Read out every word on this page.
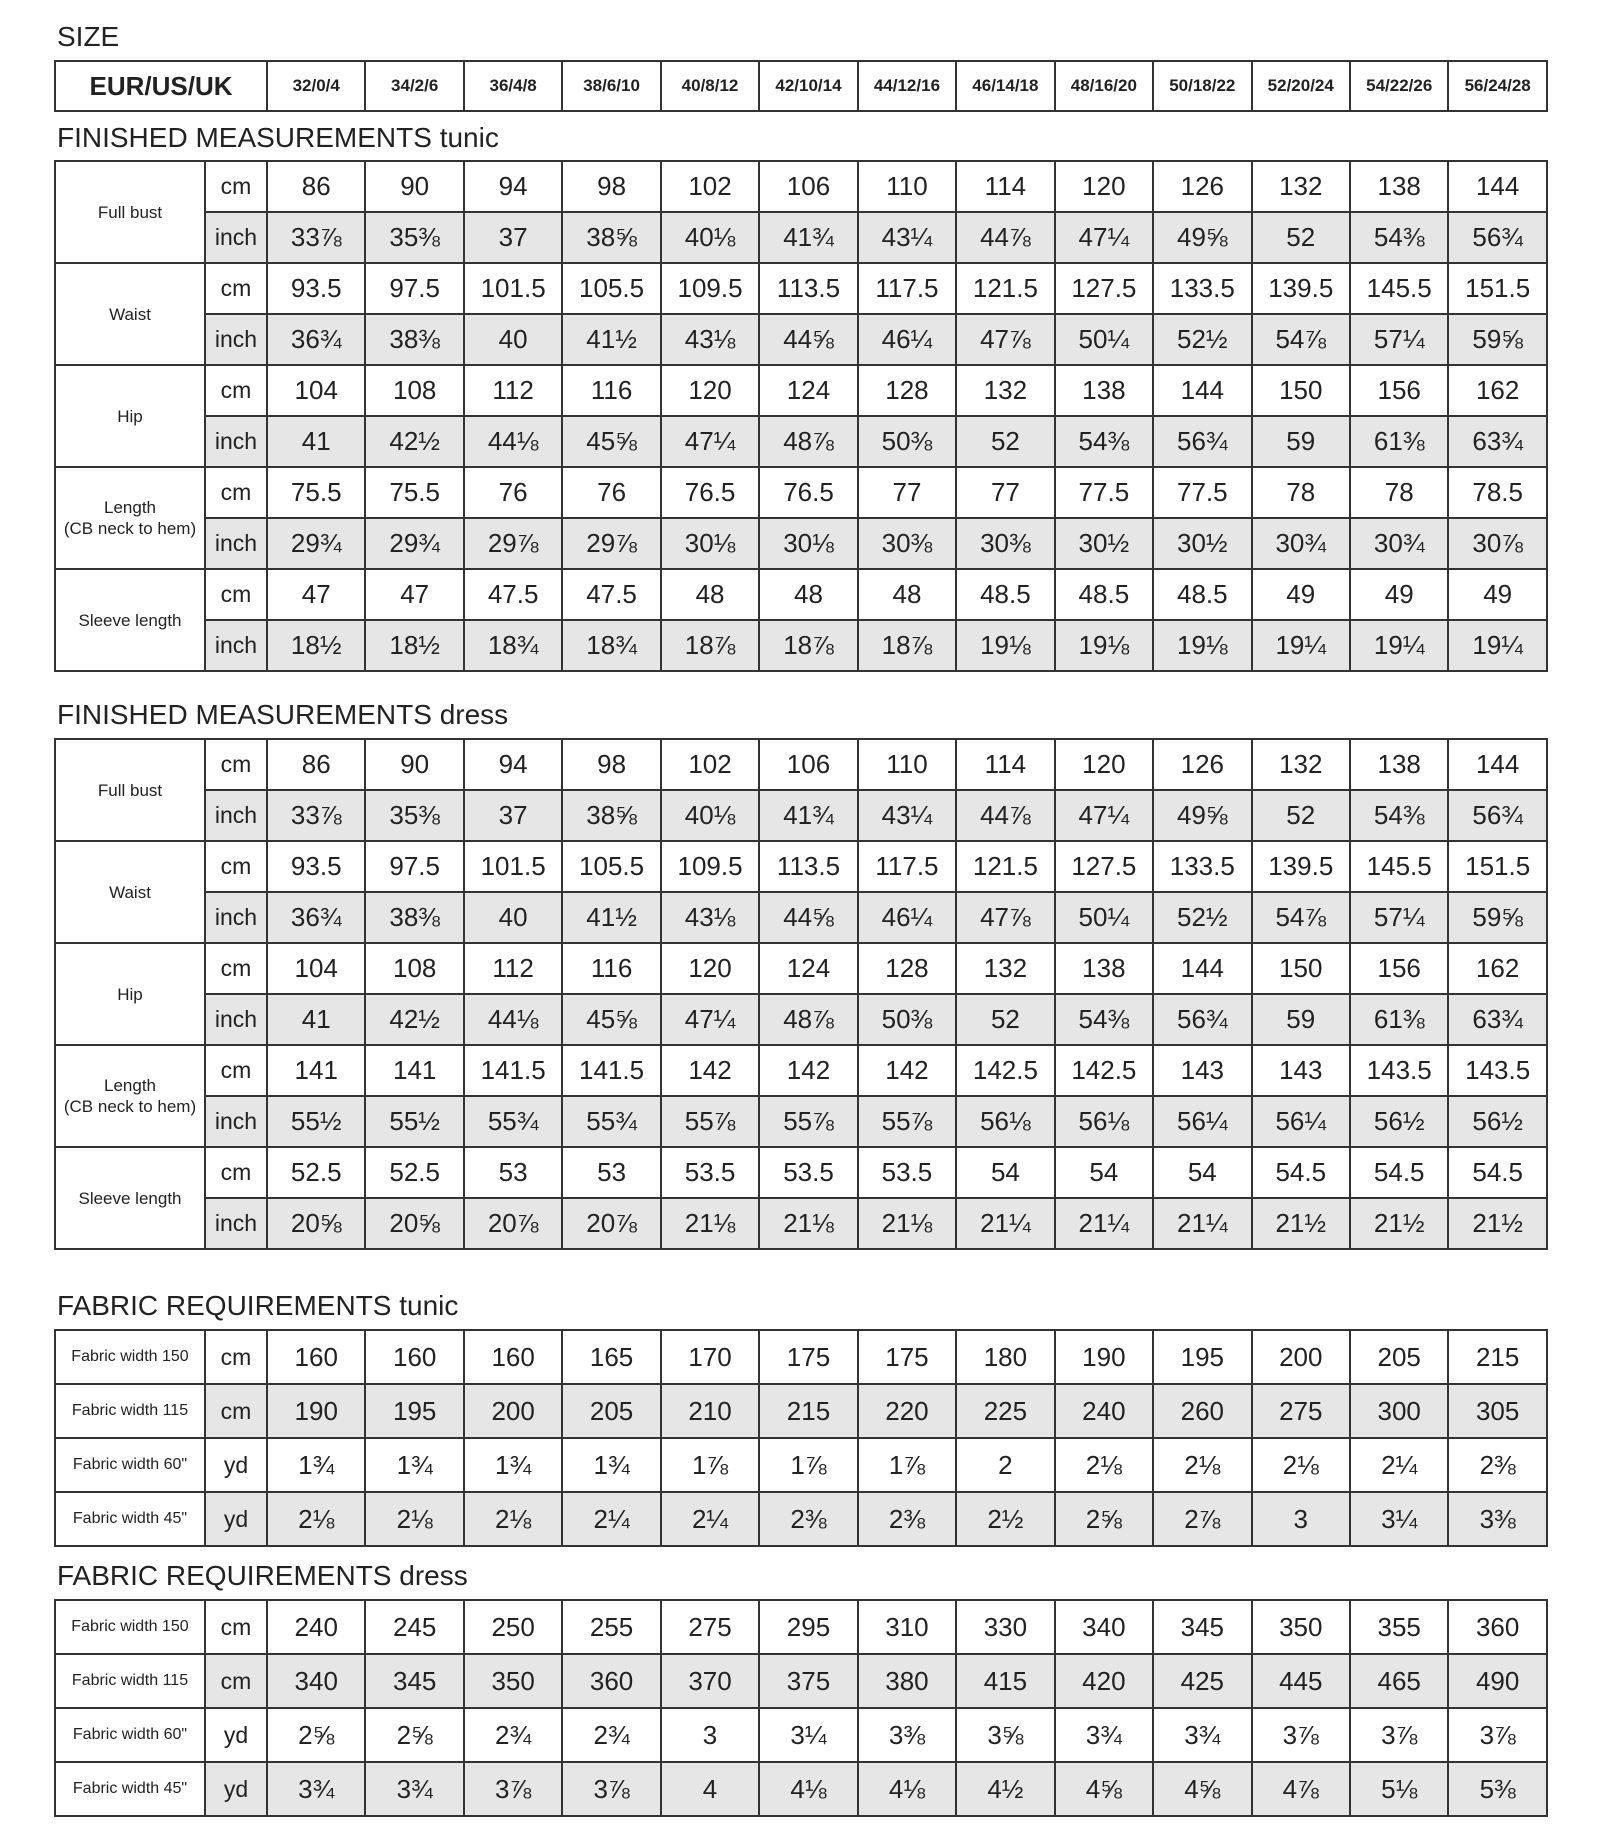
SIZE
EUR/US/UK	32/0/4	34/2/6	36/4/8	38/6/10	40/8/12	42/10/14	44/12/16	46/14/18	48/16/20	50/18/22	52/20/24	54/22/26	56/24/28
FINISHED MEASUREMENTS tunic
Full bust	cm	86	90	94	98	102	106	110	114	120	126	132	138	144
	inch	33⅞	35⅜	37	38⅝	40⅛	41¾	43¼	44⅞	47¼	49⅝	52	54⅜	56¾

Waist	cm	93.5	97.5	101.5	105.5	109.5	113.5	117.5	121.5	127.5	133.5	139.5	145.5	151.5
	inch	36¾	38⅜	40	41½	43⅛	44⅝	46¼	47⅞	50¼	52½	54⅞	57¼	59⅝

Hip	cm	104	108	112	116	120	124	128	132	138	144	150	156	162
	inch	41	42½	44⅛	45⅝	47¼	48⅞	50⅜	52	54⅜	56¾	59	61⅜	63¾

Length
(CB neck to hem)	cm	75.5	75.5	76	76	76.5	76.5	77	77	77.5	77.5	78	78	78.5
	inch	29¾	29¾	29⅞	29⅞	30⅛	30⅛	30⅜	30⅜	30½	30½	30¾	30¾	30⅞

Sleeve length	cm	47	47	47.5	47.5	48	48	48	48.5	48.5	48.5	49	49	49
	inch	18½	18½	18¾	18¾	18⅞	18⅞	18⅞	19⅛	19⅛	19⅛	19¼	19¼	19¼
FINISHED MEASUREMENTS dress
Full bust	cm	86	90	94	98	102	106	110	114	120	126	132	138	144
	inch	33⅞	35⅜	37	38⅝	40⅛	41¾	43¼	44⅞	47¼	49⅝	52	54⅜	56¾

Waist	cm	93.5	97.5	101.5	105.5	109.5	113.5	117.5	121.5	127.5	133.5	139.5	145.5	151.5
	inch	36¾	38⅜	40	41½	43⅛	44⅝	46¼	47⅞	50¼	52½	54⅞	57¼	59⅝

Hip	cm	104	108	112	116	120	124	128	132	138	144	150	156	162
	inch	41	42½	44⅛	45⅝	47¼	48⅞	50⅜	52	54⅜	56¾	59	61⅜	63¾

Length
(CB neck to hem)	cm	141	141	141.5	141.5	142	142	142	142.5	142.5	143	143	143.5	143.5
	inch	55½	55½	55¾	55¾	55⅞	55⅞	55⅞	56⅛	56⅛	56¼	56¼	56½	56½

Sleeve length	cm	52.5	52.5	53	53	53.5	53.5	53.5	54	54	54	54.5	54.5	54.5
	inch	20⅝	20⅝	20⅞	20⅞	21⅛	21⅛	21⅛	21¼	21¼	21¼	21½	21½	21½
FABRIC REQUIREMENTS tunic
Fabric width 150	cm	160	160	160	165	170	175	175	180	190	195	200	205	215
Fabric width 115	cm	190	195	200	205	210	215	220	225	240	260	275	300	305
Fabric width 60"	yd	1¾	1¾	1¾	1¾	1⅞	1⅞	1⅞	2	2⅛	2⅛	2⅛	2¼	2⅜
Fabric width 45"	yd	2⅛	2⅛	2⅛	2¼	2¼	2⅜	2⅜	2½	2⅝	2⅞	3	3¼	3⅜
FABRIC REQUIREMENTS dress
Fabric width 150	cm	240	245	250	255	275	295	310	330	340	345	350	355	360
Fabric width 115	cm	340	345	350	360	370	375	380	415	420	425	445	465	490
Fabric width 60"	yd	2⅝	2⅝	2¾	2¾	3	3¼	3⅜	3⅝	3¾	3¾	3⅞	3⅞	3⅞
Fabric width 45"	yd	3¾	3¾	3⅞	3⅞	4	4⅛	4⅛	4½	4⅝	4⅝	4⅞	5⅛	5⅜
